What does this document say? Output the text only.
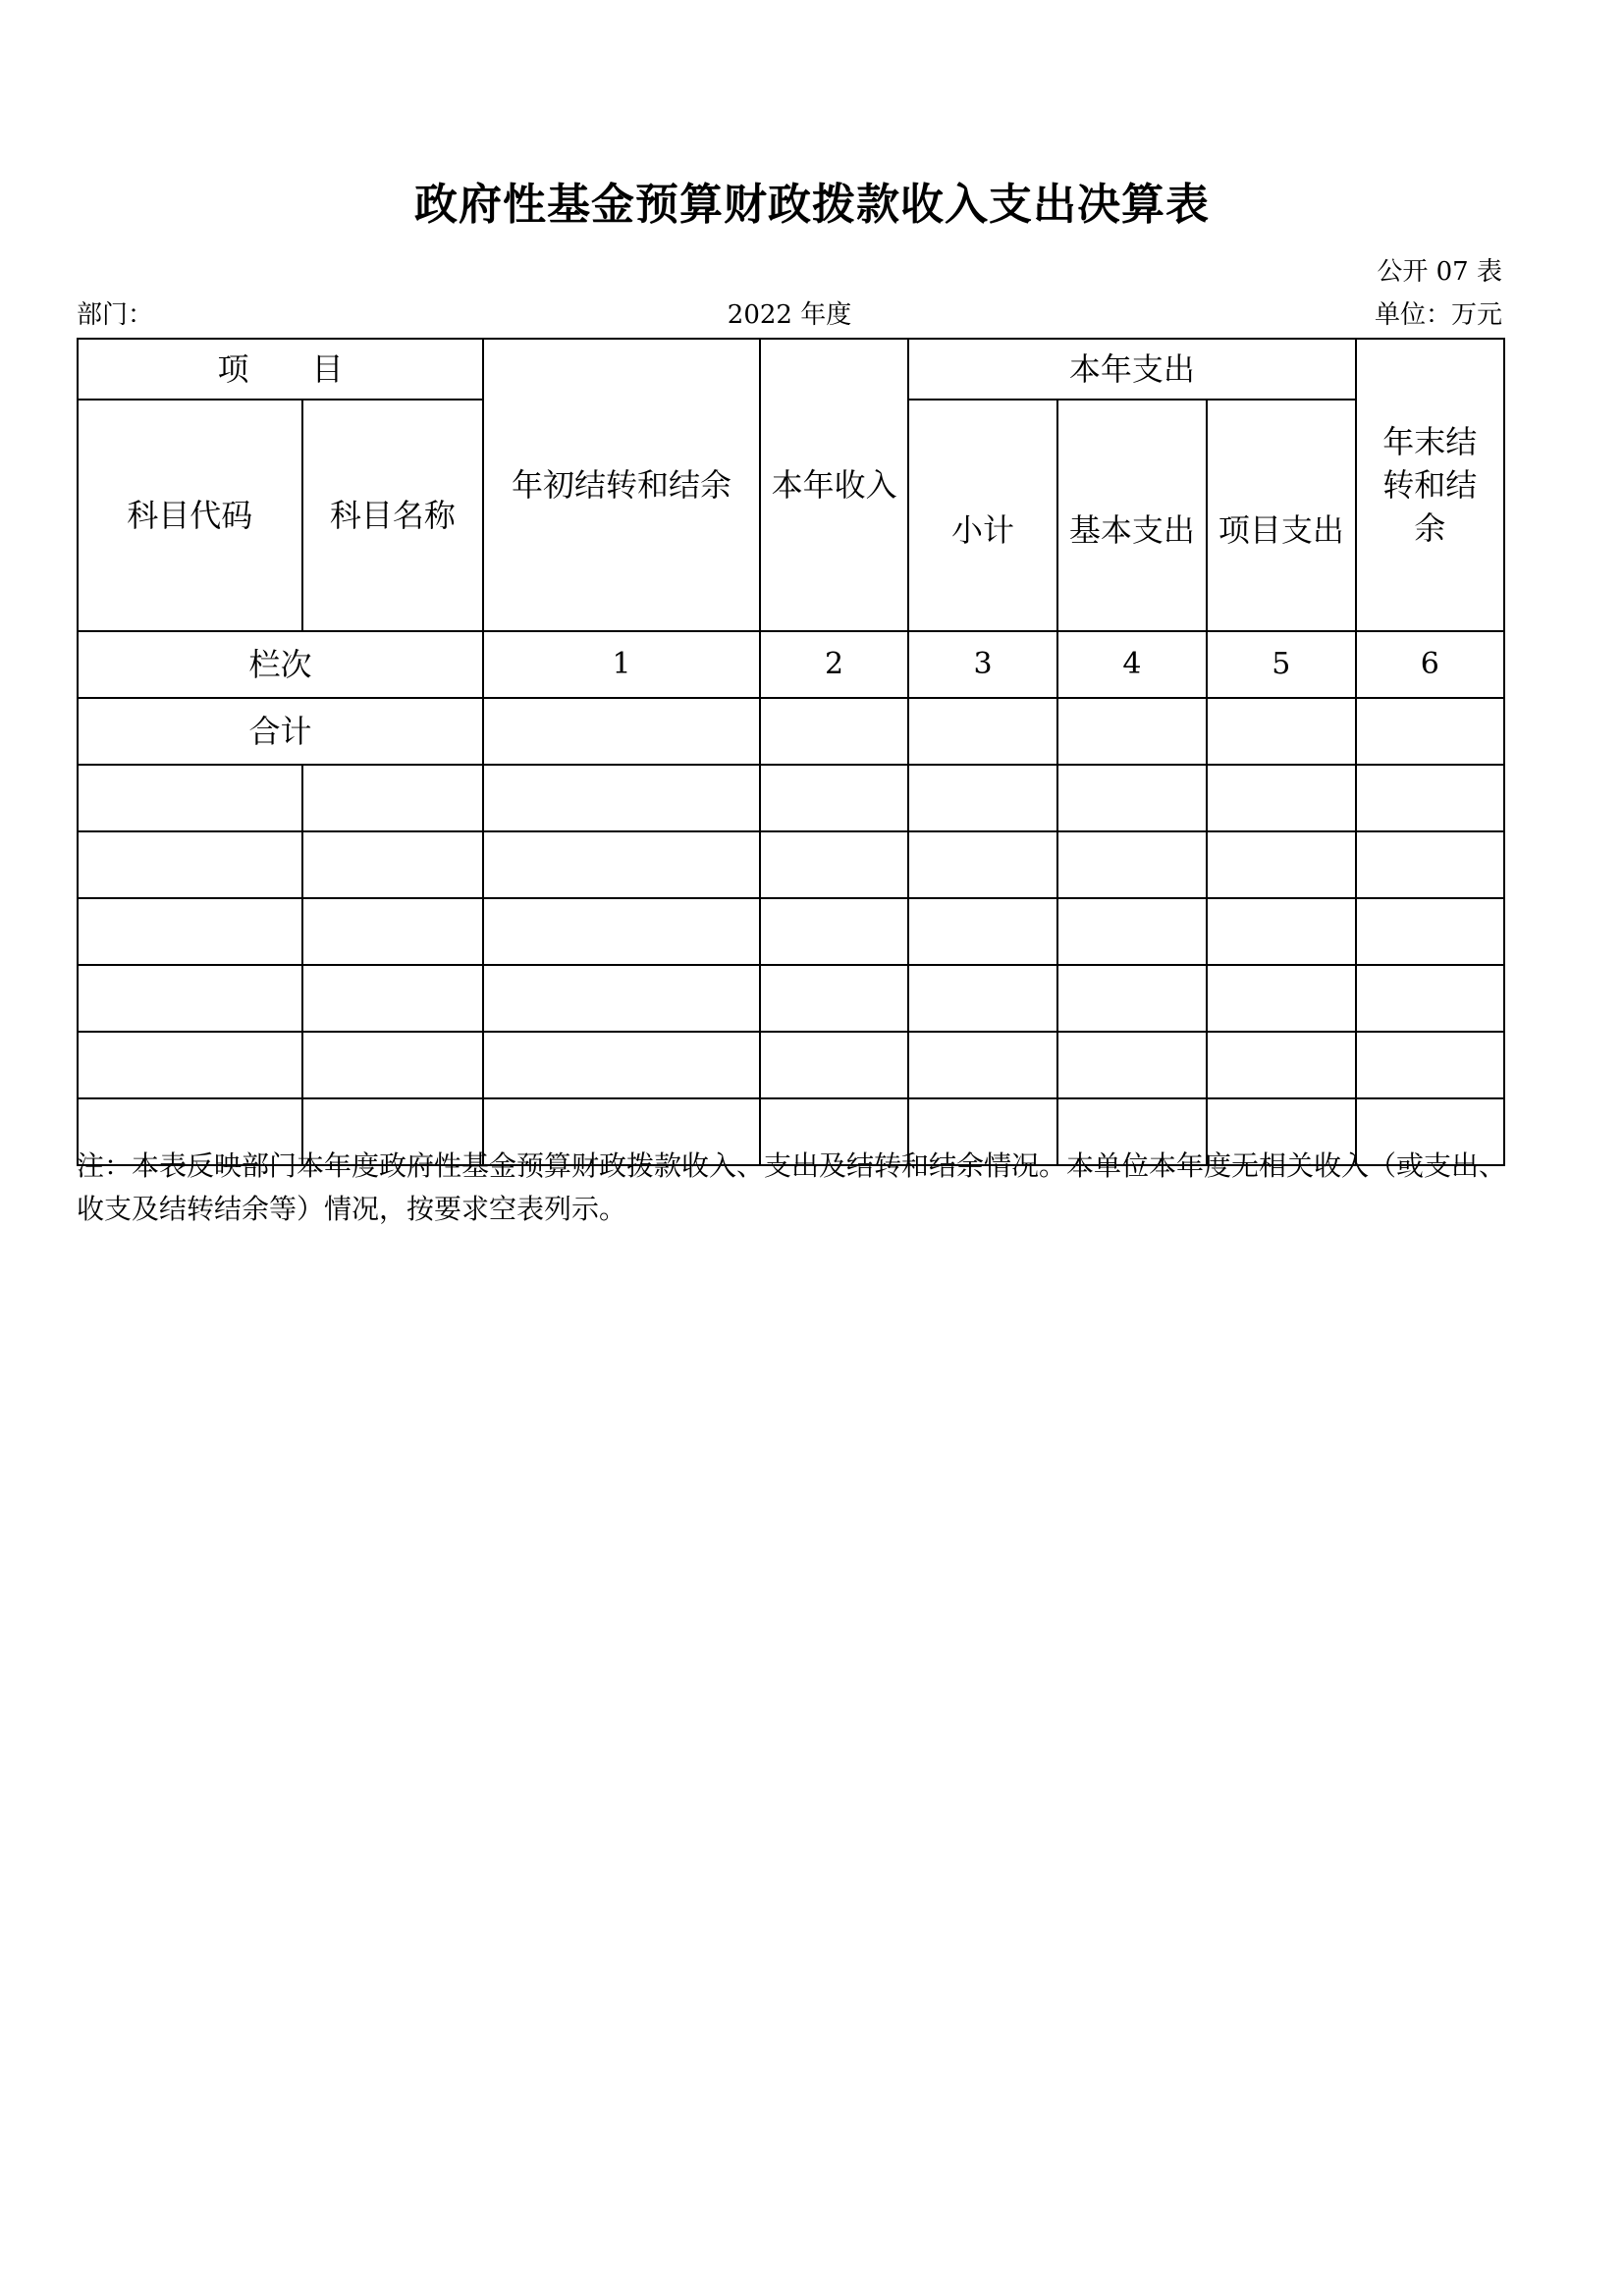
政府性基金预算财政拨款收入支出决算表
公开 07 表
部门：	2022 年度	单位：万元
项　　目		年初结转和结余	本年收入	本年支出			年末结转和结余
科目代码	科目名称			小计	基本支出	项目支出	
栏次		1	2	3	4	5	6
合计							

注：本表反映部门本年度政府性基金预算财政拨款收入、支出及结转和结余情况。本单位本年度无相关收入（或支出、收支及结转结余等）情况，按要求空表列示。
